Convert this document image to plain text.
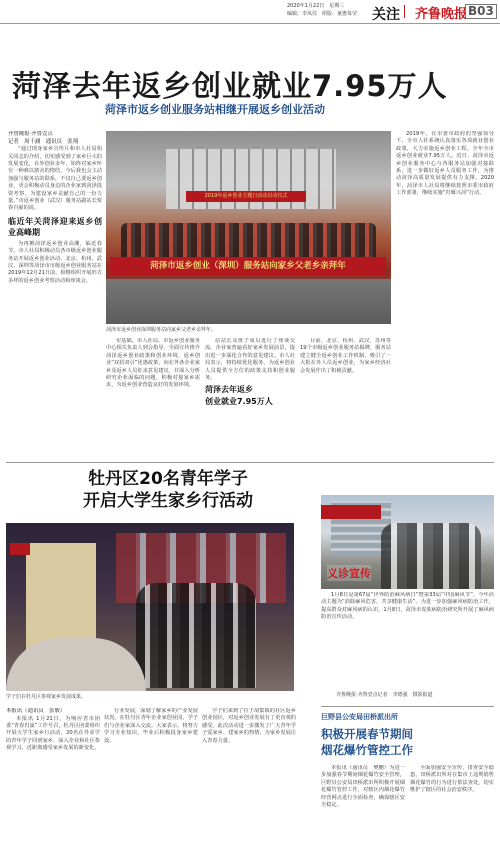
2020年1月22日　星期三
编辑：李凤仪　组版：童惠每莹	关注 齐鲁晚报 B03
菏泽去年返乡创业就业7.95万人
菏泽市返乡创业服务站相继开展返乡创业活动
齐鲁晚报·齐鲁壹点
记者　周千涵　通讯员　张翔

“通过现身家乡宣传片和市人社局相关同志的介绍，切实感受到了家乡巨大的发展变化，在外创业多年，始终对家乡怀有一种难以割舍的情结，今后我也会主动加强与服务站的联系，不仅自己要返乡创业，更会积极动员身边的企业家到菏泽投资考察，为建设家乡贡献自己的一份力量。”市返乡创业（武汉）服务站副站长贾春自豪的说。

临近年关菏泽迎来返乡创业高峰期

为再掀菏泽返乡创业高潮，临近春节，市人社局积极动员各市级返乡创业服务站开展返乡创业活动。北京、杭州、武汉、深圳等菏泽市市级返乡创业服务站在2019年12月21日前，相继组织开展形式多样的返乡创业考察活动和座谈会。

2019年返乡创业主题日活动启动仪式
菏泽市返乡创业（深圳）服务站向家乡父老乡亲拜年
菏泽市返乡创业深圳服务站向家乡父老乡亲拜年。

实基础。市人社局、市返乡创业服务中心相关负责人到会指导，全面宣传推介菏泽返乡创业政策和创业环境，返乡创业“双招双引”优惠政策，向在外各企业家乡及返乡人员征求意见建议，并深入分析研究企业面临的问题，积极对接家乡需求，为返乡创业营造良好的发展环境。

站站长及班子成员进行了座谈交流，企业家普遍看好家乡发展前景，提出进一步深化合作的意见建议。市人社局表示，将持续优化服务，为返乡创业人员提供全方位的政策支持和创业服务。

菏泽去年返乡
创业就业7.95万人

目前，北京、杭州、武汉、苏州等19个市级返乡创业服务站揭牌，服务站建立健全返乡创业工作机制，吸引了一大批在外人员返乡创业，为家乡经济社会发展作出了积极贡献。

2019年，在市委市政府的坚强领导下，全市人社系统认真落实各项就业创业政策，大力实施返乡创业工程，全年全市返乡创业就业7.95万人。近日，菏泽市返乡创业服务中心与各服务站加强对接联系，进一步做好返乡人员服务工作，为推动菏泽高质量发展提供有力支撑。2020年，菏泽市人社局将继续按照市委市政府工作部署，继续实施“归雁兴菏”行动。

牡丹区20名青年学子
开启大学生家乡行活动
学子们在牡丹区参观家乡发展成果。
本报讯（通讯员　张敏）

本报讯 1月21日，为响应省市团委“青春归巢”工作号召，牡丹区团委组织开展大学生家乡行活动，20名在外求学的青年学子回到家乡，深入企业和社区参观学习，近距离感受家乡发展的新变化。

行业发展，深刻了解家乡的产业发展状况。在牡丹区青年企业家创业园，学子们与企业家深入交流。大家表示，将努力学习专业知识，毕业后积极投身家乡建设。

学子们来到了位于胡集镇的社区返乡创业园区，对返乡创业发展有了更直观的感受。此次活动进一步激发了广大青年学子爱家乡、建家乡的热情，为家乡发展注入青春力量。

义诊宣传

1月8日是第67届“世界防治麻风病日”暨第33届“中国麻风节”，今年活动主题为“消除麻风危害，共享健康生活”。为进一步加强麻风病防治工作，提高群众对麻风病的认识，1月8日，菏泽市皮肤病防治研究所开展了麻风病防治宣传活动。

齐鲁晚报·齐鲁壹点记者　李德强　摄影报道
巨野县公安局田桥派出所
积极开展春节期间
烟花爆竹管控工作

本报讯（通讯员　樊鹏）为进一步加强春节期间烟花爆竹安全管理，巨野县公安局田桥派出所积极开展烟花爆竹管控工作，对辖区内烟花爆竹经营网点进行全面检查，确保辖区安全稳定。

全面加强安全宣传，排查安全隐患，田桥派出所对在集市上违规销售烟花爆竹的行为进行依法查处，切实维护了辖区的社会治安秩序。
